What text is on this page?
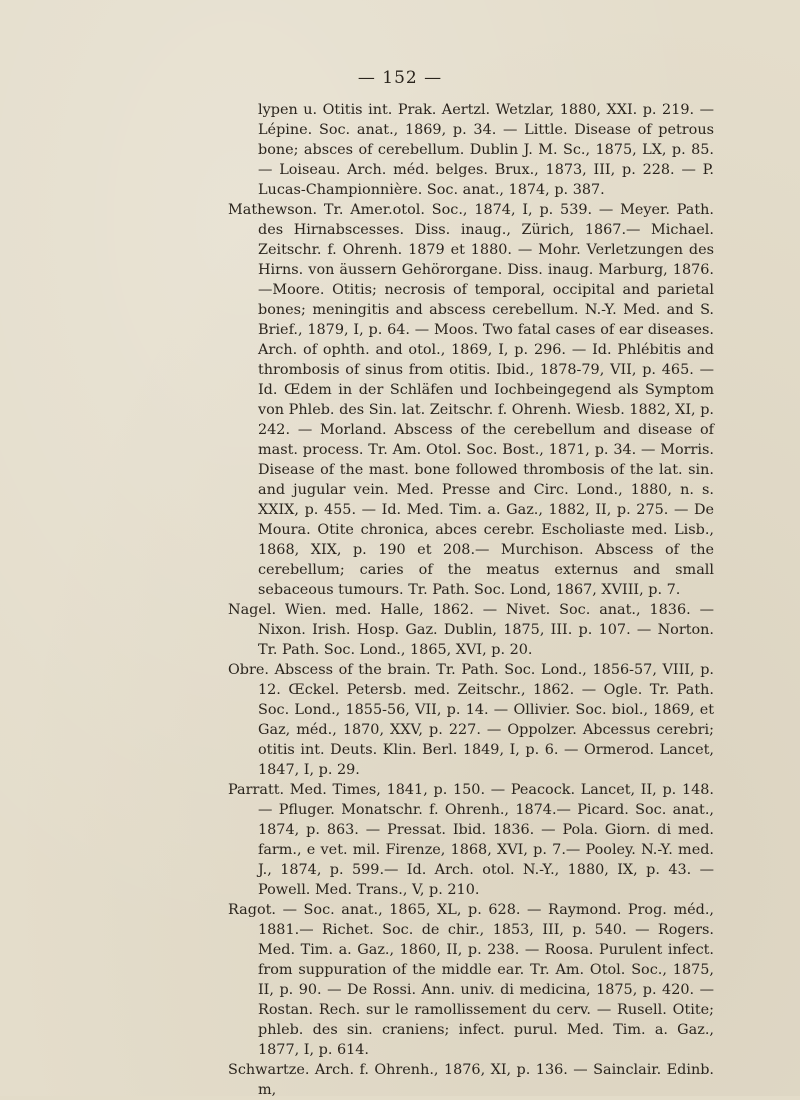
— 152 —

lypen u. Otitis int. Prak. Aertzl. Wetzlar, 1880, XXI. p. 219. — Lépine. Soc. anat., 1869, p. 34. — Little. Disease of petrous bone; absces of cerebellum. Dublin J. M. Sc., 1875, LX, p. 85. — Loiseau. Arch. méd. belges. Brux., 1873, III, p. 228. — P. Lucas-Championnière. Soc. anat., 1874, p. 387.

Mathewson. Tr. Amer.otol. Soc., 1874, I, p. 539. — Meyer. Path. des Hirnabscesses. Diss. inaug., Zürich, 1867.— Michael. Zeitschr. f. Ohrenh. 1879 et 1880. — Mohr. Verletzungen des Hirns. von äussern Gehörorgane. Diss. inaug. Marburg, 1876.—Moore. Otitis; necrosis of temporal, occipital and parietal bones; meningitis and abscess cerebellum. N.-Y. Med. and S. Brief., 1879, I, p. 64. — Moos. Two fatal cases of ear diseases. Arch. of ophth. and otol., 1869, I, p. 296. — Id. Phlébitis and thrombosis of sinus from otitis. Ibid., 1878-79, VII, p. 465. — Id. Œdem in der Schläfen und Iochbeingegend als Symptom von Phleb. des Sin. lat. Zeitschr. f. Ohrenh. Wiesb. 1882, XI, p. 242. — Morland. Abscess of the cerebellum and disease of mast. process. Tr. Am. Otol. Soc. Bost., 1871, p. 34. — Morris. Disease of the mast. bone followed thrombosis of the lat. sin. and jugular vein. Med. Presse and Circ. Lond., 1880, n. s. XXIX, p. 455. — Id. Med. Tim. a. Gaz., 1882, II, p. 275. — De Moura. Otite chronica, abces cerebr. Escholiaste med. Lisb., 1868, XIX, p. 190 et 208.— Murchison. Abscess of the cerebellum; caries of the meatus externus and small sebaceous tumours. Tr. Path. Soc. Lond, 1867, XVIII, p. 7.

Nagel. Wien. med. Halle, 1862. — Nivet. Soc. anat., 1836. — Nixon. Irish. Hosp. Gaz. Dublin, 1875, III. p. 107. — Norton. Tr. Path. Soc. Lond., 1865, XVI, p. 20.

Obre. Abscess of the brain. Tr. Path. Soc. Lond., 1856-57, VIII, p. 12. Œckel. Petersb. med. Zeitschr., 1862. — Ogle. Tr. Path. Soc. Lond., 1855-56, VII, p. 14. — Ollivier. Soc. biol., 1869, et Gaz, méd., 1870, XXV, p. 227. — Oppolzer. Abcessus cerebri; otitis int. Deuts. Klin. Berl. 1849, I, p. 6. — Ormerod. Lancet, 1847, I, p. 29.

Parratt. Med. Times, 1841, p. 150. — Peacock. Lancet, II, p. 148. — Pfluger. Monatschr. f. Ohrenh., 1874.— Picard. Soc. anat., 1874, p. 863. — Pressat. Ibid. 1836. — Pola. Giorn. di med. farm., e vet. mil. Firenze, 1868, XVI, p. 7.— Pooley. N.-Y. med. J., 1874, p. 599.— Id. Arch. otol. N.-Y., 1880, IX, p. 43. — Powell. Med. Trans., V, p. 210.

Ragot. — Soc. anat., 1865, XL, p. 628. — Raymond. Prog. méd., 1881.— Richet. Soc. de chir., 1853, III, p. 540. — Rogers. Med. Tim. a. Gaz., 1860, II, p. 238. — Roosa. Purulent infect. from suppuration of the middle ear. Tr. Am. Otol. Soc., 1875, II, p. 90. — De Rossi. Ann. univ. di medicina, 1875, p. 420. — Rostan. Rech. sur le ramollissement du cerv. — Rusell. Otite; phleb. des sin. craniens; infect. purul. Med. Tim. a. Gaz., 1877, I, p. 614.

Schwartze. Arch. f. Ohrenh., 1876, XI, p. 136. — Sainclair. Edinb. m,
